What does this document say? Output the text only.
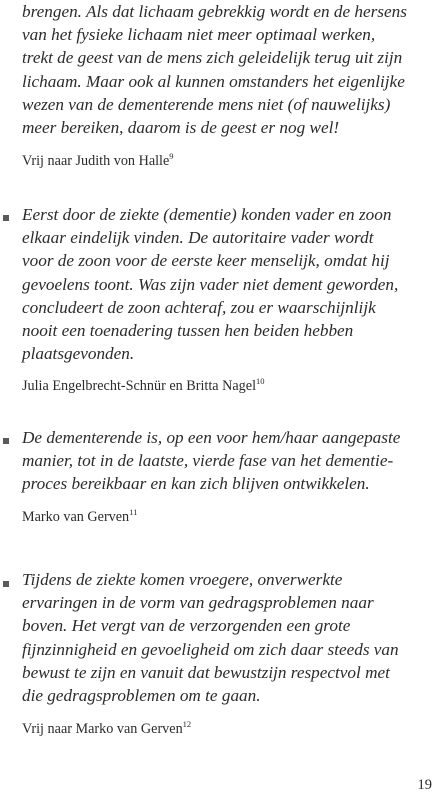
brengen. Als dat lichaam gebrekkig wordt en de hersens
van het fysieke lichaam niet meer optimaal werken,
trekt de geest van de mens zich geleidelijk terug uit zijn
lichaam. Maar ook al kunnen omstanders het eigenlijke
wezen van de dementerende mens niet (of nauwelijks)
meer bereiken, daarom is de geest er nog wel!
Vrij naar Judith von Halle$^9$
Eerst door de ziekte (dementie) konden vader en zoon
elkaar eindelijk vinden. De autoritaire vader wordt
voor de zoon voor de eerste keer menselijk, omdat hij
gevoelens toont. Was zijn vader niet dement geworden,
concludeert de zoon achteraf, zou er waarschijnlijk
nooit een toenadering tussen hen beiden hebben
plaatsgevonden.
Julia Engelbrecht-Schnür en Britta Nagel$^{10}$
De dementerende is, op een voor hem/haar aangepaste
manier, tot in de laatste, vierde fase van het dementie-
proces bereikbaar en kan zich blijven ontwikkelen.
Marko van Gerven$^{11}$
Tijdens de ziekte komen vroegere, onverwerkte
ervaringen in de vorm van gedragsproblemen naar
boven. Het vergt van de verzorgenden een grote
fijnzinnigheid en gevoeligheid om zich daar steeds van
bewust te zijn en vanuit dat bewustzijn respectvol met
die gedragsproblemen om te gaan.
Vrij naar Marko van Gerven$^{12}$
19
